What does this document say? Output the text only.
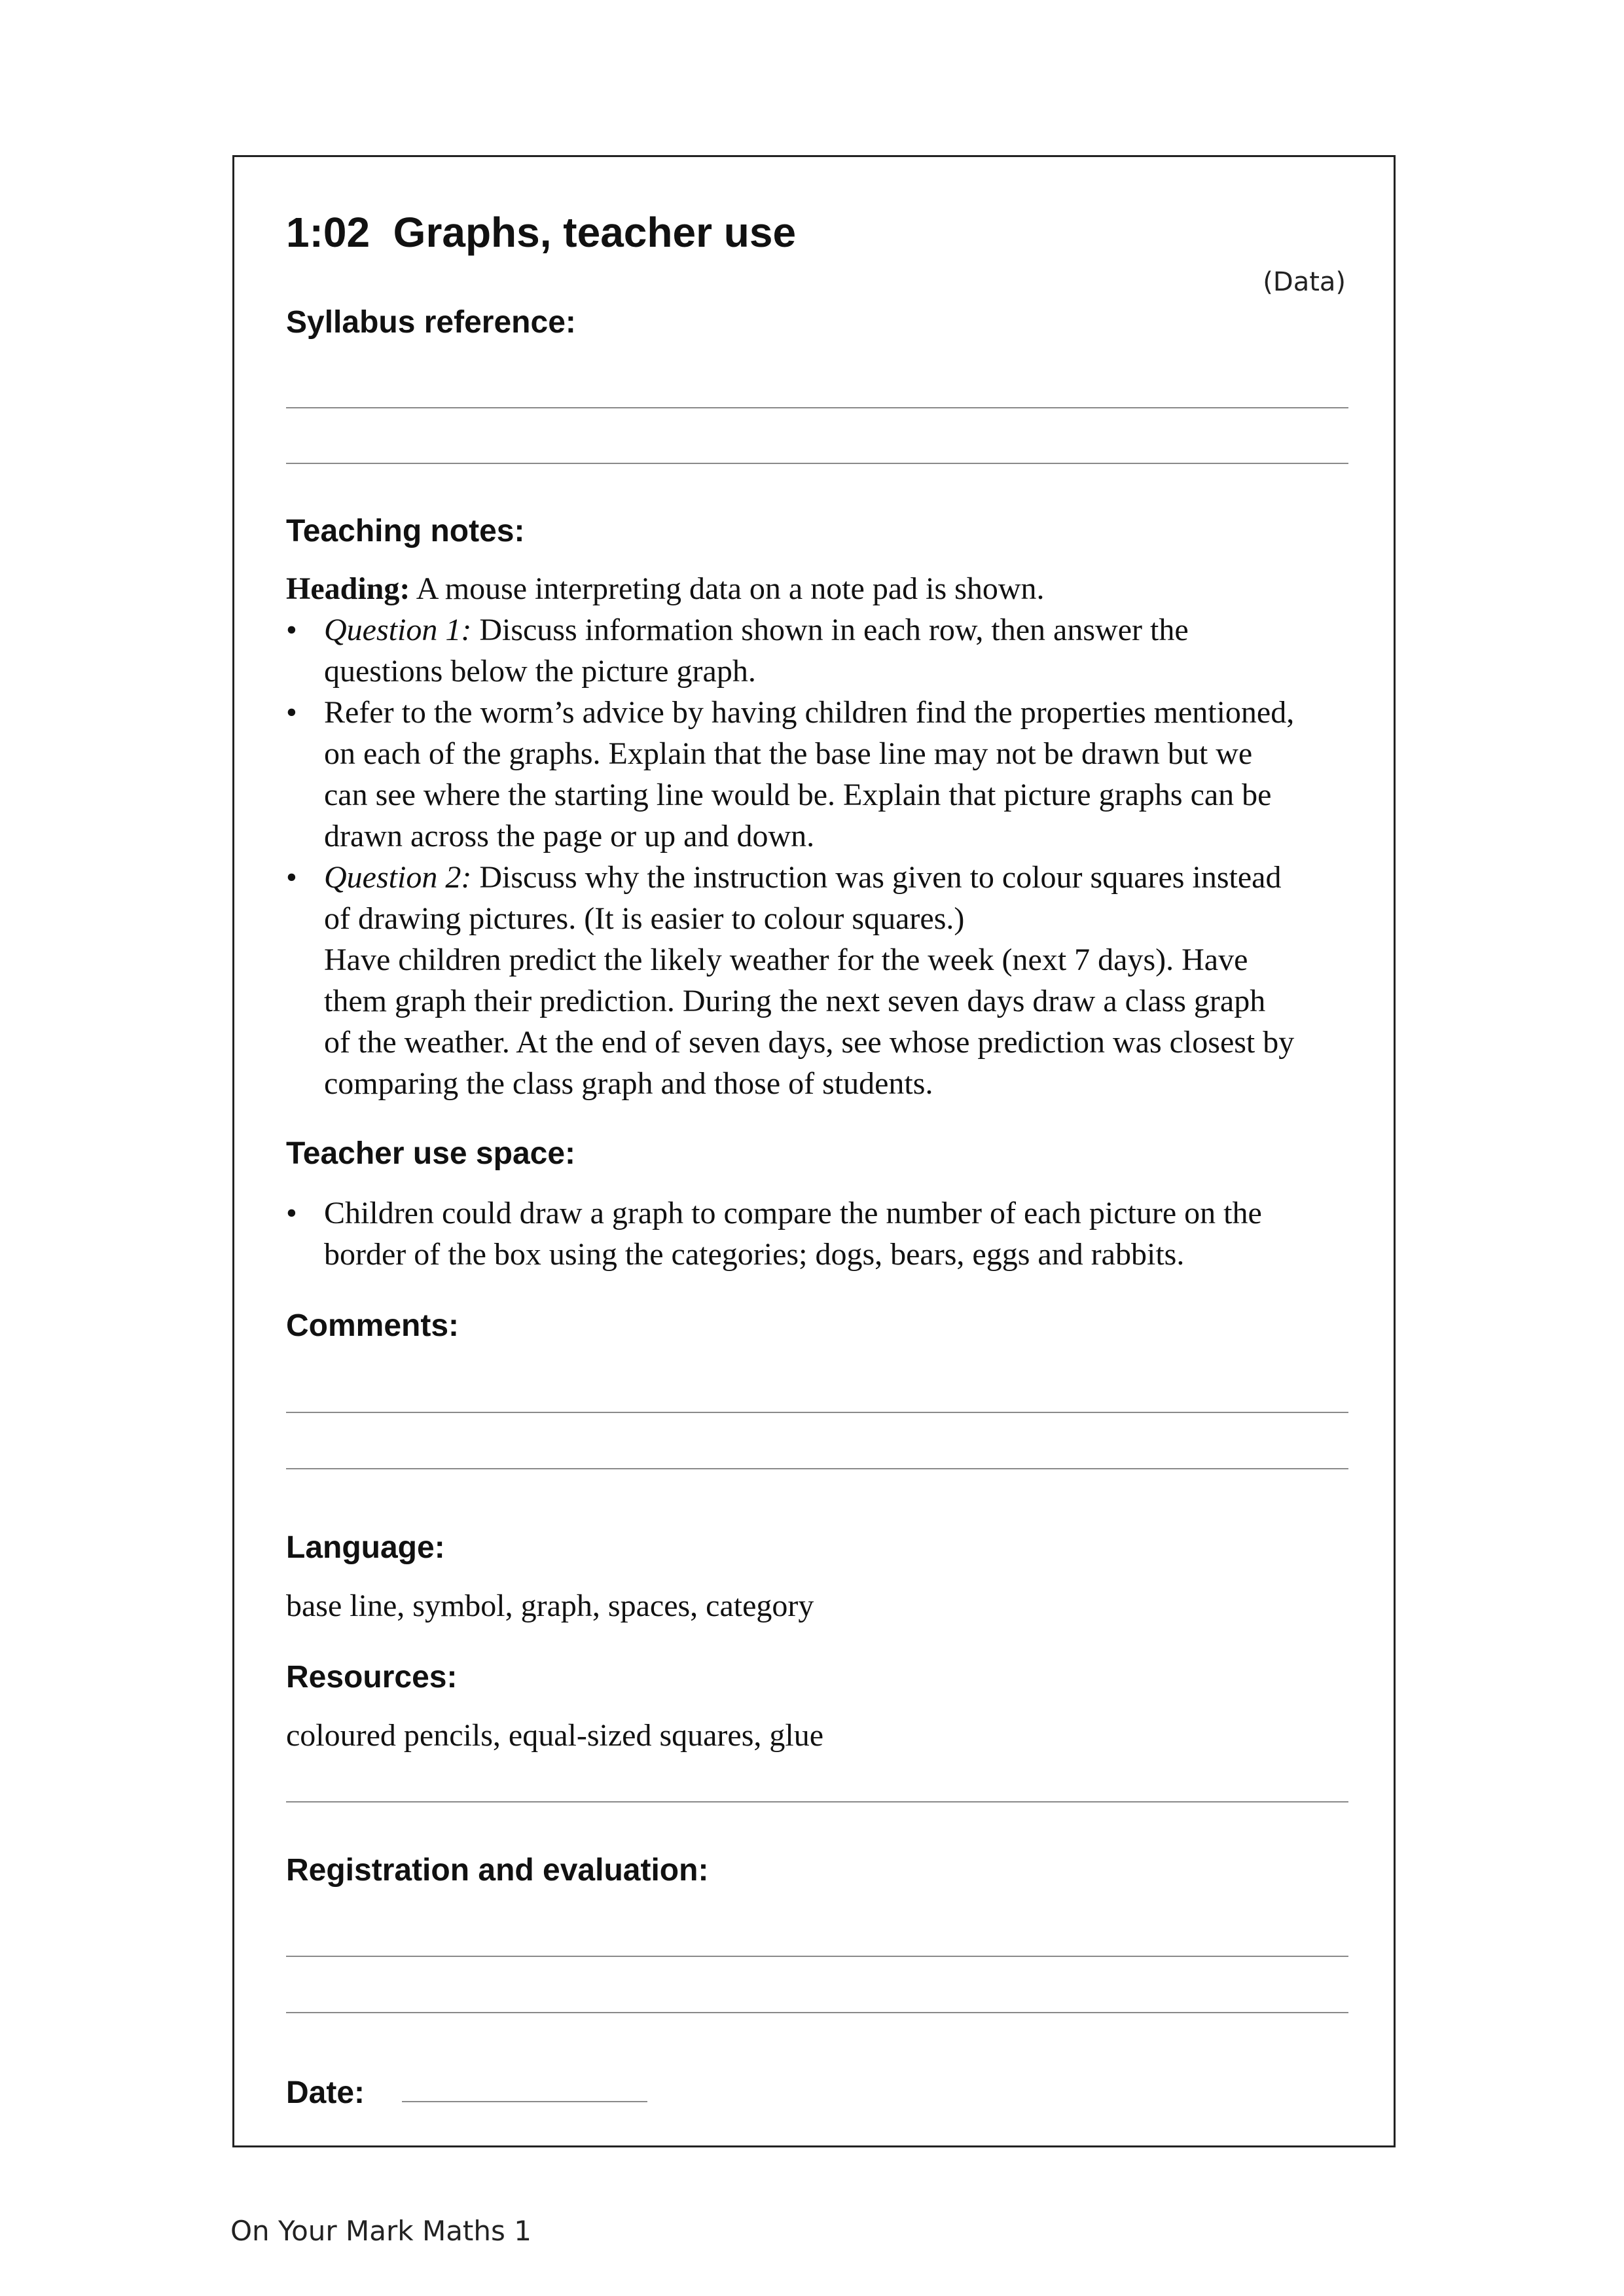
1:02  Graphs, teacher use
(Data)
Syllabus reference:
Teaching notes:

Heading: A mouse interpreting data on a note pad is shown.

• Question 1: Discuss information shown in each row, then answer the
questions below the picture graph.
• Refer to the worm’s advice by having children find the properties mentioned,
on each of the graphs. Explain that the base line may not be drawn but we
can see where the starting line would be. Explain that picture graphs can be
drawn across the page or up and down.
• Question 2: Discuss why the instruction was given to colour squares instead
of drawing pictures. (It is easier to colour squares.)
Have children predict the likely weather for the week (next 7 days). Have
them graph their prediction. During the next seven days draw a class graph
of the weather. At the end of seven days, see whose prediction was closest by
comparing the class graph and those of students.
Teacher use space:
• Children could draw a graph to compare the number of each picture on the
border of the box using the categories; dogs, bears, eggs and rabbits.
Comments:
Language:
base line, symbol, graph, spaces, category
Resources:
coloured pencils, equal-sized squares, glue
Registration and evaluation:
Date:
On Your Mark Maths 1
